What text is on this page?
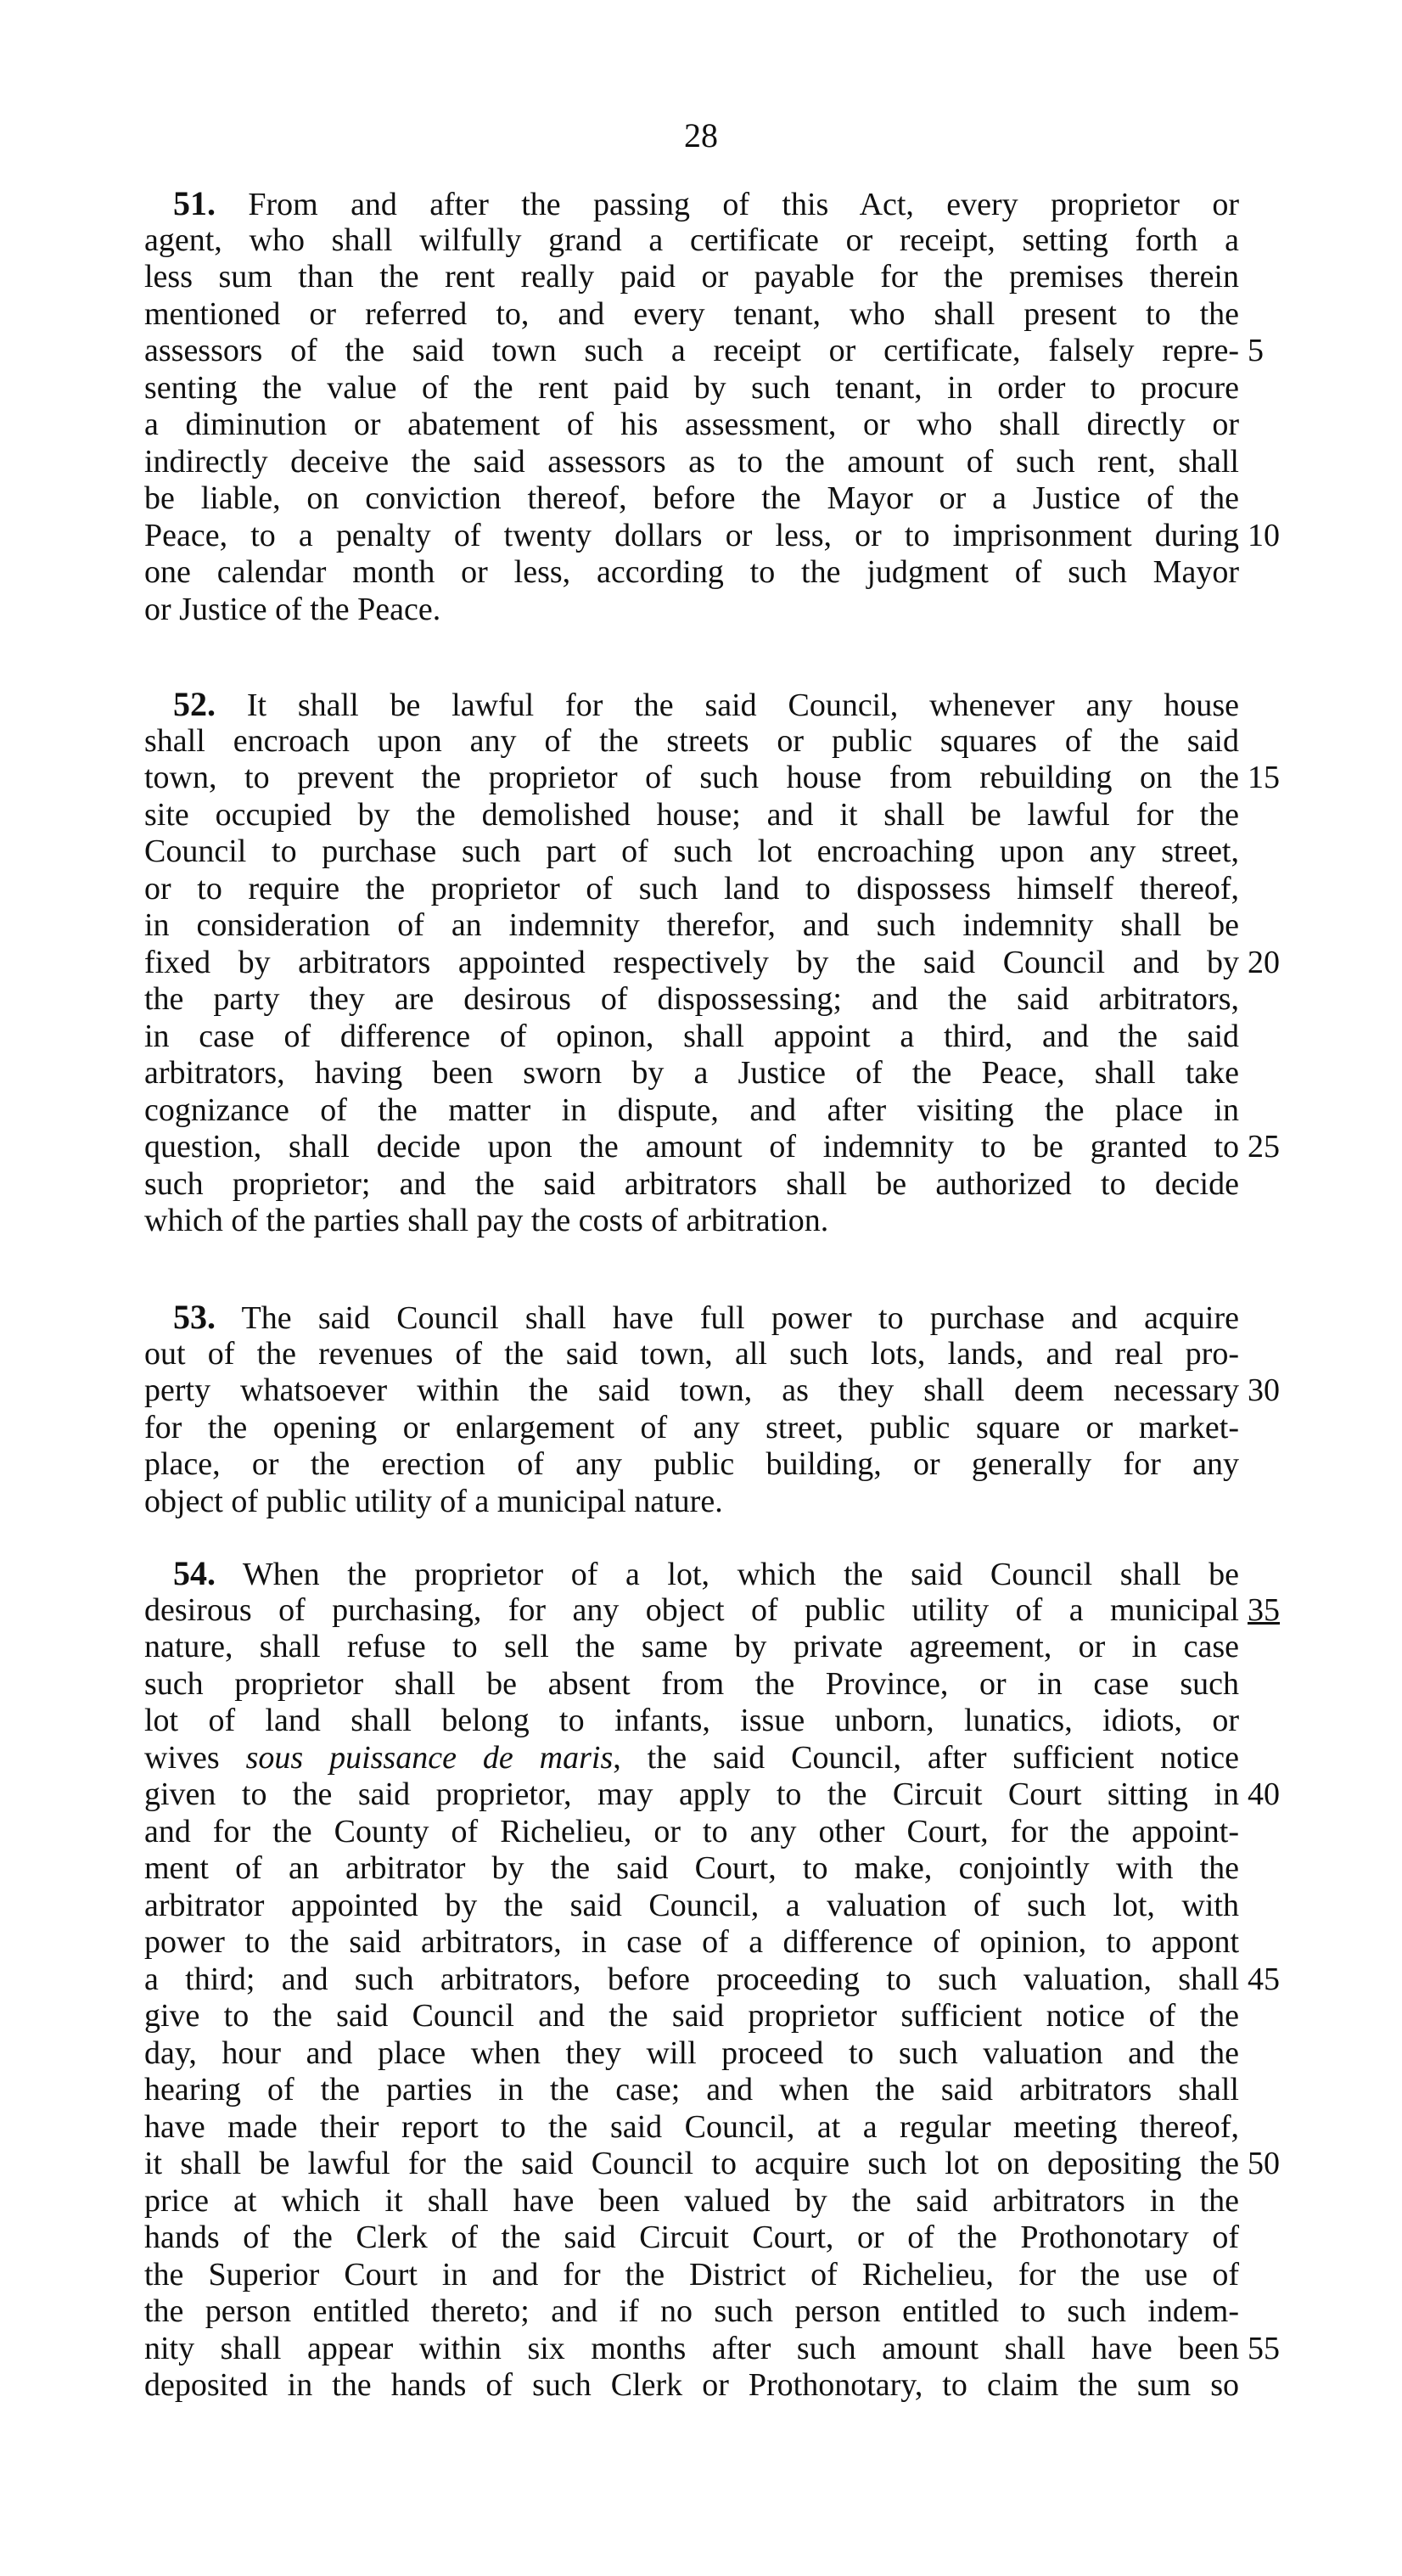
28
51. From and after the passing of this Act, every proprietor or
agent, who shall wilfully grand a certificate or receipt, setting forth a
less sum than the rent really paid or payable for the premises therein
mentioned or referred to, and every tenant, who shall present to the
assessors of the said town such a receipt or certificate, falsely repre- 5
senting the value of the rent paid by such tenant, in order to procure
a diminution or abatement of his assessment, or who shall directly or
indirectly deceive the said assessors as to the amount of such rent, shall
be liable, on conviction thereof, before the Mayor or a Justice of the
Peace, to a penalty of twenty dollars or less, or to imprisonment during 10
one calendar month or less, according to the judgment of such Mayor
or Justice of the Peace.
52. It shall be lawful for the said Council, whenever any house
shall encroach upon any of the streets or public squares of the said
town, to prevent the proprietor of such house from rebuilding on the 15
site occupied by the demolished house; and it shall be lawful for the
Council to purchase such part of such lot encroaching upon any street,
or to require the proprietor of such land to dispossess himself thereof,
in consideration of an indemnity therefor, and such indemnity shall be
fixed by arbitrators appointed respectively by the said Council and by 20
the party they are desirous of dispossessing; and the said arbitrators,
in case of difference of opinon, shall appoint a third, and the said
arbitrators, having been sworn by a Justice of the Peace, shall take
cognizance of the matter in dispute, and after visiting the place in
question, shall decide upon the amount of indemnity to be granted to 25
such proprietor; and the said arbitrators shall be authorized to decide
which of the parties shall pay the costs of arbitration.
53. The said Council shall have full power to purchase and acquire
out of the revenues of the said town, all such lots, lands, and real pro-
perty whatsoever within the said town, as they shall deem necessary 30
for the opening or enlargement of any street, public square or market-
place, or the erection of any public building, or generally for any
object of public utility of a municipal nature.
54. When the proprietor of a lot, which the said Council shall be
desirous of purchasing, for any object of public utility of a municipal 35
nature, shall refuse to sell the same by private agreement, or in case
such proprietor shall be absent from the Province, or in case such
lot of land shall belong to infants, issue unborn, lunatics, idiots, or
wives sous puissance de maris, the said Council, after sufficient notice
given to the said proprietor, may apply to the Circuit Court sitting in 40
and for the County of Richelieu, or to any other Court, for the appoint-
ment of an arbitrator by the said Court, to make, conjointly with the
arbitrator appointed by the said Council, a valuation of such lot, with
power to the said arbitrators, in case of a difference of opinion, to appont
a third; and such arbitrators, before proceeding to such valuation, shall 45
give to the said Council and the said proprietor sufficient notice of the
day, hour and place when they will proceed to such valuation and the
hearing of the parties in the case; and when the said arbitrators shall
have made their report to the said Council, at a regular meeting thereof,
it shall be lawful for the said Council to acquire such lot on depositing the 50
price at which it shall have been valued by the said arbitrators in the
hands of the Clerk of the said Circuit Court, or of the Prothonotary of
the Superior Court in and for the District of Richelieu, for the use of
the person entitled thereto; and if no such person entitled to such indem-
nity shall appear within six months after such amount shall have been 55
deposited in the hands of such Clerk or Prothonotary, to claim the sum so
